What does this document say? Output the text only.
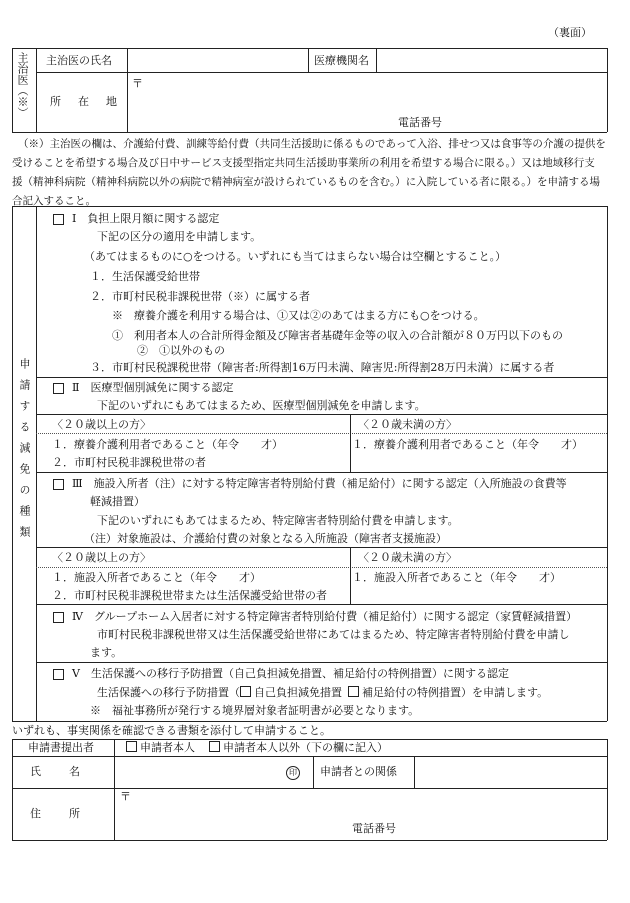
（裏面）
主治医（※） 主治医の氏名	医療機関名
所　在　地
〒
電話番号
（※）主治医の欄は、介護給付費、訓練等給付費（共同生活援助に係るものであって入浴、排せつ又は食事等の介護の提供を
受けることを希望する場合及び日中サービス支援型指定共同生活援助事業所の利用を希望する場合に限る。）又は地域移行支
援（精神科病院（精神科病院以外の病院で精神病室が設けられているものを含む。）に入院している者に限る。）を申請する場
合記入すること。
申請する減免の種類
Ⅰ　負担上限月額に関する認定
下記の区分の適用を申請します。
（あてはまるものに○をつける。いずれにも当てはまらない場合は空欄とすること。）
１．生活保護受給世帯
２．市町村民税非課税世帯（※）に属する者
※　療養介護を利用する場合は、①又は②のあてはまる方にも○をつける。
①　利用者本人の合計所得金額及び障害者基礎年金等の収入の合計額が８０万円以下のもの
②　①以外のもの
３．市町村民税課税世帯（障害者:所得割16万円未満、障害児:所得割28万円未満）に属する者
Ⅱ　医療型個別減免に関する認定
下記のいずれにもあてはまるため、医療型個別減免を申請します。
〈２０歳以上の方〉
１．療養介護利用者であること（年令　　才）
２．市町村民税非課税世帯の者
〈２０歳未満の方〉
１．療養介護利用者であること（年令　　才）
Ⅲ　施設入所者（注）に対する特定障害者特別給付費（補足給付）に関する認定（入所施設の食費等
軽減措置）
下記のいずれにもあてはまるため、特定障害者特別給付費を申請します。
（注）対象施設は、介護給付費の対象となる入所施設（障害者支援施設）
〈２０歳以上の方〉
１．施設入所者であること（年令　　才）
２．市町村民税非課税世帯または生活保護受給世帯の者
〈２０歳未満の方〉
１．施設入所者であること（年令　　才）
Ⅳ　グループホーム入居者に対する特定障害者特別給付費（補足給付）に関する認定（家賃軽減措置）
市町村民税非課税世帯又は生活保護受給世帯にあてはまるため、特定障害者特別給付費を申請し
ます。
Ⅴ　生活保護への移行予防措置（自己負担減免措置、補足給付の特例措置）に関する認定
生活保護への移行予防措置（ 自己負担減免措置 補足給付の特例措置）を申請します。
※　福祉事務所が発行する境界層対象者証明書が必要となります。
いずれも、事実関係を確認できる書類を添付して申請すること。
申請書提出者	申請者本人	申請者本人以外（下の欄に記入）
氏　　名	印 申請者との関係
住　　所
〒
電話番号
